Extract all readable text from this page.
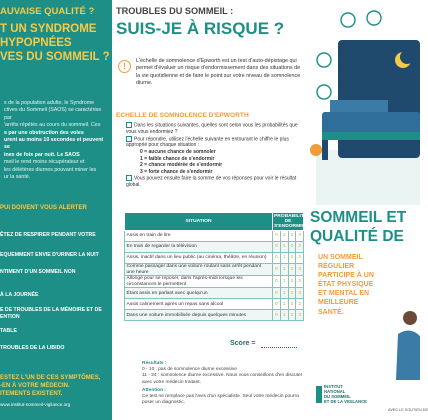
AUVAISE QUALITÉ ?
T UN SYNDROME
HYPOPNÉES
VES DU SOMMEIL ?
s de la population adulte, le Syndrome
ctives du Sommeil (SAOS) se caractérise par
'arrêts répétés au cours du sommeil. Ces
s par une obstruction des voies
urent au moins 10 secondes et peuvent se
ines de fois par nuit. Le SAOS
meil le rend moins récupérateur et
les délétères diurnes pouvant miner les
ur la santé.
PUI DOIVENT VOUS ALERTER
ÊTEZ DE RESPIRER PENDANT VOTRE
EQUEMMENT ENVIE D'URINER LA NUIT
NTIMENT D'UN SOMMEIL NON
À LA JOURNÉE
E DE TROUBLES DE LA MÉMOIRE ET DE
ENTION
TABLE
TROUBLES DE LA LIBIDO
ESTEZ L'UN DE CES SYMPTÔMES,
-EN À VOTRE MÉDECIN.
ITEMENTS EXISTENT.
www.institut-sommeil-vigilance.org
TROUBLES DU SOMMEIL :
SUIS-JE À RISQUE ?
!
L'échelle de somnolence d'Epworth est un test d'auto-dépistage qui permet d'évaluer un risque d'endormissement dans des situations de la vie quotidienne et de faire le point sur votre niveau de somnolence diurne.
ECHELLE DE SOMNOLENCE D'EPWORTH
Dans les situations suivantes, quelles sont selon vous les probabilités que vous vous endormiez ?
Pour répondre, utilisez l'échelle suivante en entourant le chiffre le plus approprié pour chaque situation :
0 = aucune chance de somnoler
1 = faible chance de s'endormir
2 = chance modérée de s'endormir
3 = forte chance de s'endormir
Vous pouvez ensuite faire la somme de vos réponses pour voir le résultat global.
SITUATION	PROBABILITÉ DE S'ENDORMIR			
Assis en train de lire	0	1	2	3
En train de regarder la télévision	0	1	2	3
Assis, inactif dans un lieu public (au cinéma, théâtre, en réunion)	0	1	2	3
Comme passager dans une voiture roulant sans arrêt pendant une heure	0	1	2	3
Allongé pour se reposer, dans l'après-midi lorsque les circonstances le permettent	0	1	2	3
Étant assis en parlant avec quelqu'un	0	1	2	3
Assis calmement après un repas sans alcool	0	1	2	3
Dans une voiture immobilisée depuis quelques minutes	0	1	2	3
Score =
Résultats :
0 - 10 : pas de somnolence diurne excessive
11 - 24 : somnolence diurne excessive. Nous vous conseillons d'en discuter avec votre médecin traitant.
Attention :
Ce test ne remplace pas l'avis d'un spécialiste. Seul votre médecin pourra poser un diagnostic.
SOMMEIL ET
QUALITÉ DE
UN SOMMEIL
RÉGULIER
PARTICIPE À UN
ÉTAT PHYSIQUE
ET MENTAL EN
MEILLEURE
SANTÉ.
INSTITUT
NATIONAL
DU SOMMEIL
ET DE LA VIGILANCE
AVEC LE SOUTIEN DE
